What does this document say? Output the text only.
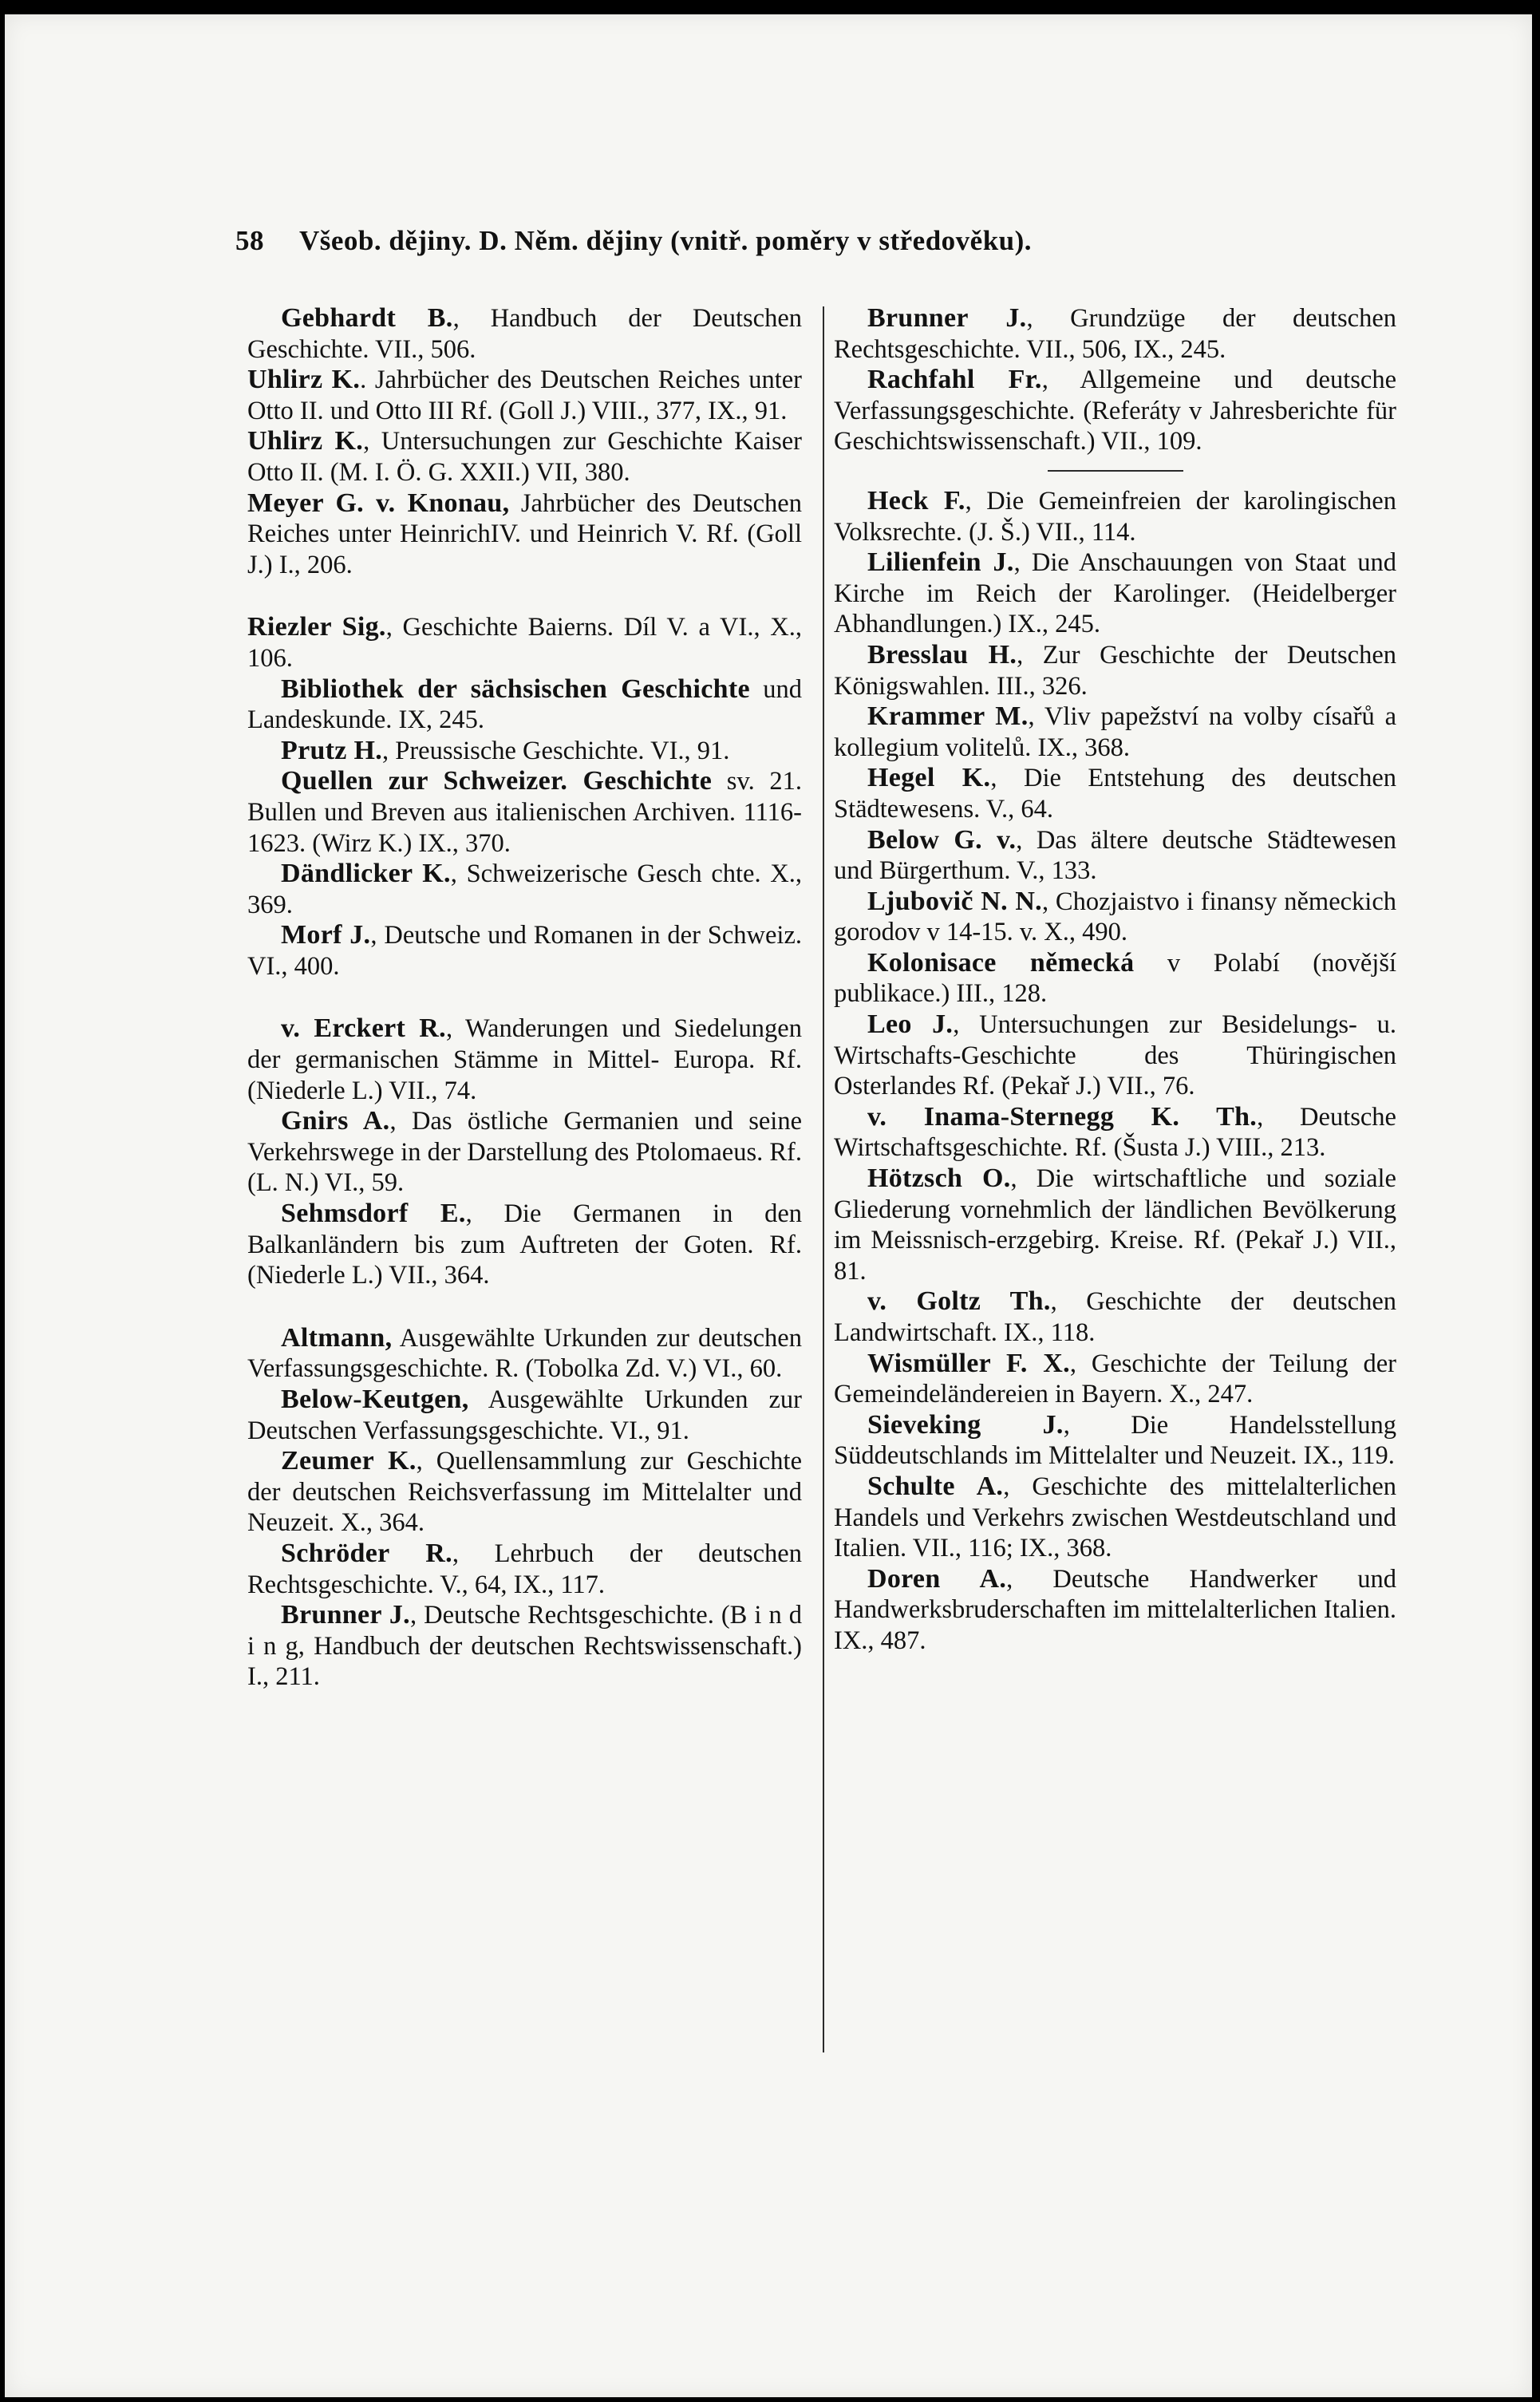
58 Všeob. dějiny. D. Něm. dějiny (vnitř. poměry v středověku).

Gebhardt B., Handbuch der Deutschen Geschichte. VII., 506.

Uhlirz K.. Jahrbücher des Deutschen Reiches unter Otto II. und Otto III Rf. (Goll J.) VIII., 377, IX., 91.

Uhlirz K., Untersuchungen zur Geschichte Kaiser Otto II. (M. I. Ö. G. XXII.) VII, 380.

Meyer G. v. Knonau, Jahrbücher des Deutschen Reiches unter HeinrichIV. und Heinrich V. Rf. (Goll J.) I., 206.

Riezler Sig., Geschichte Baierns. Díl V. a VI., X., 106.

Bibliothek der sächsischen Geschichte und Landeskunde. IX, 245.

Prutz H., Preussische Geschichte. VI., 91.

Quellen zur Schweizer. Geschichte sv. 21. Bullen und Breven aus italienischen Archiven. 1116-1623. (Wirz K.) IX., 370.

Dändlicker K., Schweizerische Gesch chte. X., 369.

Morf J., Deutsche und Romanen in der Schweiz. VI., 400.

v. Erckert R., Wanderungen und Siedelungen der germanischen Stämme in Mittel- Europa. Rf. (Niederle L.) VII., 74.

Gnirs A., Das östliche Germanien und seine Verkehrswege in der Darstellung des Ptolomaeus. Rf. (L. N.) VI., 59.

Sehmsdorf E., Die Germanen in den Balkanländern bis zum Auftreten der Goten. Rf. (Niederle L.) VII., 364.

Altmann, Ausgewählte Urkunden zur deutschen Verfassungsgeschichte. R. (Tobolka Zd. V.) VI., 60.

Below-Keutgen, Ausgewählte Urkunden zur Deutschen Verfassungsgeschichte. VI., 91.

Zeumer K., Quellensammlung zur Geschichte der deutschen Reichsverfassung im Mittelalter und Neuzeit. X., 364.

Schröder R., Lehrbuch der deutschen Rechtsgeschichte. V., 64, IX., 117.

Brunner J., Deutsche Rechtsgeschichte. (B i n d i n g, Handbuch der deutschen Rechtswissenschaft.) I., 211.

Brunner J., Grundzüge der deutschen Rechtsgeschichte. VII., 506, IX., 245.

Rachfahl Fr., Allgemeine und deutsche Verfassungsgeschichte. (Referáty v Jahresberichte für Geschichtswissenschaft.) VII., 109.

Heck F., Die Gemeinfreien der karolingischen Volksrechte. (J. Š.) VII., 114.

Lilienfein J., Die Anschauungen von Staat und Kirche im Reich der Karolinger. (Heidelberger Abhandlungen.) IX., 245.

Bresslau H., Zur Geschichte der Deutschen Königswahlen. III., 326.

Krammer M., Vliv papežství na volby císařů a kollegium volitelů. IX., 368.

Hegel K., Die Entstehung des deutschen Städtewesens. V., 64.

Below G. v., Das ältere deutsche Städtewesen und Bürgerthum. V., 133.

Ljubovič N. N., Chozjaistvo i finansy německich gorodov v 14-15. v. X., 490.

Kolonisace německá v Polabí (novější publikace.) III., 128.

Leo J., Untersuchungen zur Besidelungs- u. Wirtschafts-Geschichte des Thüringischen Osterlandes Rf. (Pekař J.) VII., 76.

v. Inama-Sternegg K. Th., Deutsche Wirtschaftsgeschichte. Rf. (Šusta J.) VIII., 213.

Hötzsch O., Die wirtschaftliche und soziale Gliederung vornehmlich der ländlichen Bevölkerung im Meissnisch-erzgebirg. Kreise. Rf. (Pekař J.) VII., 81.

v. Goltz Th., Geschichte der deutschen Landwirtschaft. IX., 118.

Wismüller F. X., Geschichte der Teilung der Gemeindeländereien in Bayern. X., 247.

Sieveking J., Die Handelsstellung Süddeutschlands im Mittelalter und Neuzeit. IX., 119.

Schulte A., Geschichte des mittelalterlichen Handels und Verkehrs zwischen Westdeutschland und Italien. VII., 116; IX., 368.

Doren A., Deutsche Handwerker und Handwerksbruderschaften im mittelalterlichen Italien. IX., 487.
